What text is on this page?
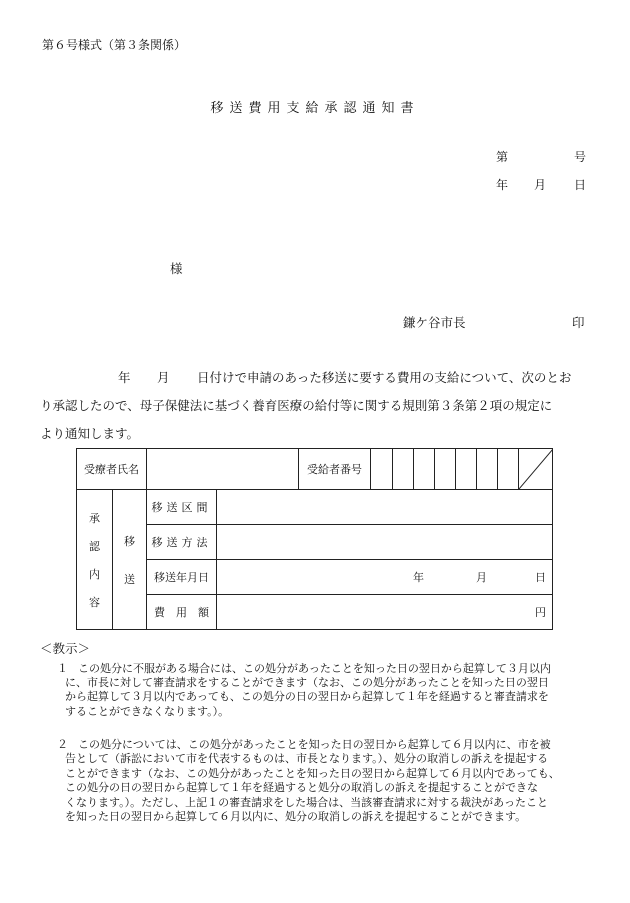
第６号様式（第３条関係）
移送費用支給承認通知書
第	号
年 月 日
様
鎌ケ谷市長	印
年 月 日付けで申請のあった移送に要する費用の支給について、次のとお
り承認したので、母子保健法に基づく養育医療の給付等に関する規則第３条第２項の規定に
より通知します。
受療者氏名				受給者番号								

承
認
内
容	移
送	移送区間										
		移送方法										
		移送年月日	年 月 日									

		費　用　額	円									
＜教示＞
１ この処分に不服がある場合には、この処分があったことを知った日の翌日から起算して３月以内
に、市長に対して審査請求をすることができます（なお、この処分があったことを知った日の翌日
から起算して３月以内であっても、この処分の日の翌日から起算して１年を経過すると審査請求を
することができなくなります。）。
２ この処分については、この処分があったことを知った日の翌日から起算して６月以内に、市を被
告として（訴訟において市を代表するものは、市長となります。）、処分の取消しの訴えを提起する
ことができます（なお、この処分があったことを知った日の翌日から起算して６月以内であっても、
この処分の日の翌日から起算して１年を経過すると処分の取消しの訴えを提起することができな
くなります。）。ただし、上記１の審査請求をした場合は、当該審査請求に対する裁決があったこと
を知った日の翌日から起算して６月以内に、処分の取消しの訴えを提起することができます。
